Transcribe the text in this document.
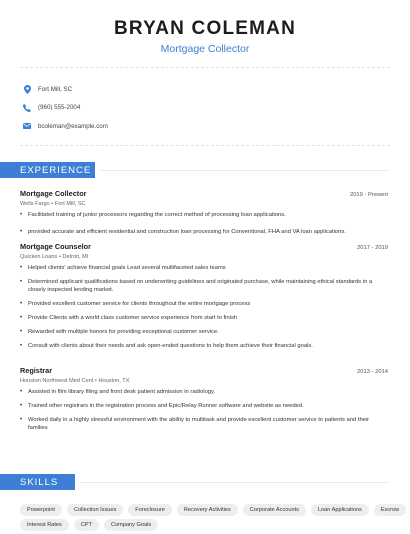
BRYAN COLEMAN
Mortgage Collector
Fort Mill, SC
(960) 555-2004
bcoleman@example.com
EXPERIENCE
Mortgage Collector	2019 - Present
Wells Fargo • Fort Mill, SC
• Facilitated training of junior processors regarding the correct method of processing loan applications.
• provided accurate and efficient residential and construction loan processing for Conventional, FHA and VA loan applications.
Mortgage Counselor	2017 - 2019
Quicken Loans • Detroit, MI
• Helped clients' achieve financial goals Lead several multifaceted sales teams
• Determined applicant qualifications based on underwriting guidelines and originated purchase, while maintaining ethical standards in a closely inspected lending market.
• Provided excellent customer service for clients throughout the entire mortgage process
• Provide Clients with a world class customer service experience from start to finish
• Rewarded with multiple honors for providing exceptional customer service.
• Consult with clients about their needs and ask open-ended questions to help them achieve their financial goals.
Registrar	2013 - 2014
Houston Northwest Med Cent • Houston, TX
• Assisted in film library filing and front desk patient admission in radiology.
• Trained other registrars in the registration process and Epic/Relay Runner software and website as needed.
• Worked daily in a highly stressful environment with the ability to multitask and provide excellent customer service to patients and their families
SKILLS
Powerpoint	Collection Issues	Foreclosure	Recovery Activities	Corporate Accounts	Loan Applications	Escrow
Interest Rates	CPT	Company Goals
